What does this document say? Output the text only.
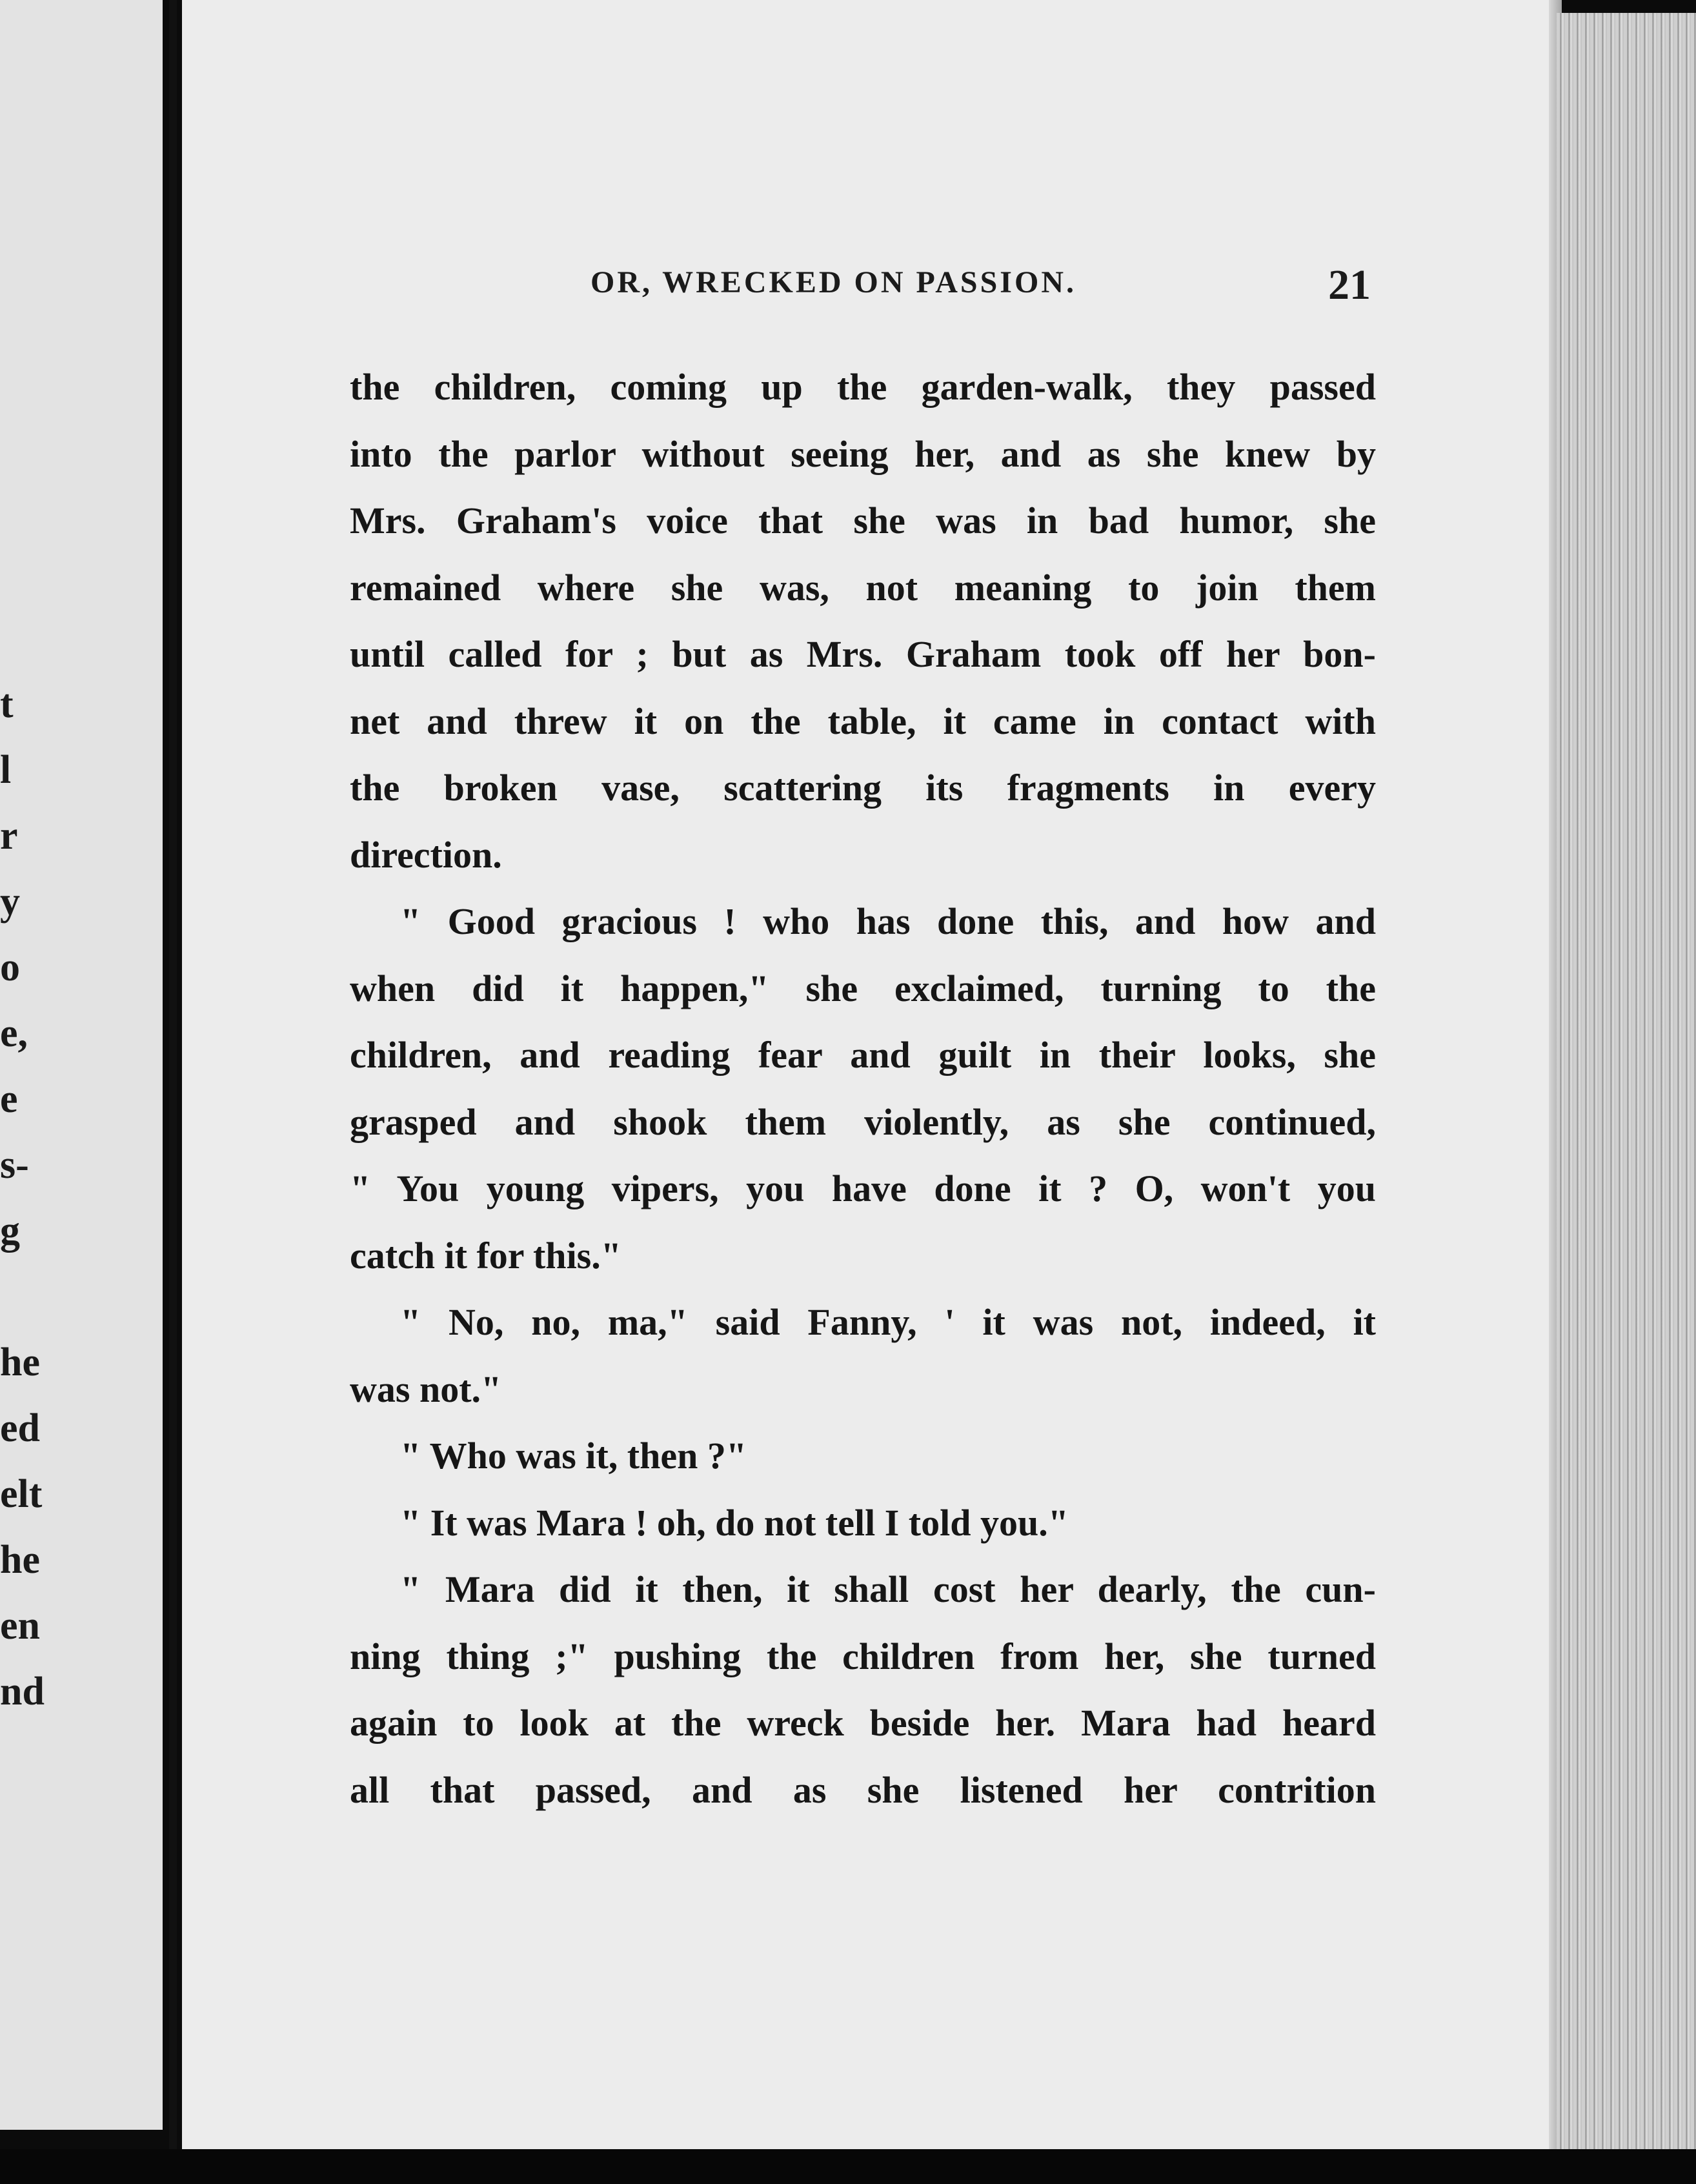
t
l
r
y
o
e,
e
s-
g
he
ed
elt
he
en
nd
OR, WRECKED ON PASSION.	21
the children, coming up the garden-walk, they passed
into the parlor without seeing her, and as she knew by
Mrs. Graham's voice that she was in bad humor, she
remained where she was, not meaning to join them
until called for ; but as Mrs. Graham took off her bon-
net and threw it on the table, it came in contact with
the broken vase, scattering its fragments in every
direction.
" Good gracious ! who has done this, and how and
when did it happen," she exclaimed, turning to the
children, and reading fear and guilt in their looks, she
grasped and shook them violently, as she continued,
" You young vipers, you have done it ? O, won't you
catch it for this."
" No, no, ma," said Fanny, ' it was not, indeed, it
was not."
" Who was it, then ?"
" It was Mara ! oh, do not tell I told you."
" Mara did it then, it shall cost her dearly, the cun-
ning thing ;" pushing the children from her, she turned
again to look at the wreck beside her. Mara had heard
all that passed, and as she listened her contrition
